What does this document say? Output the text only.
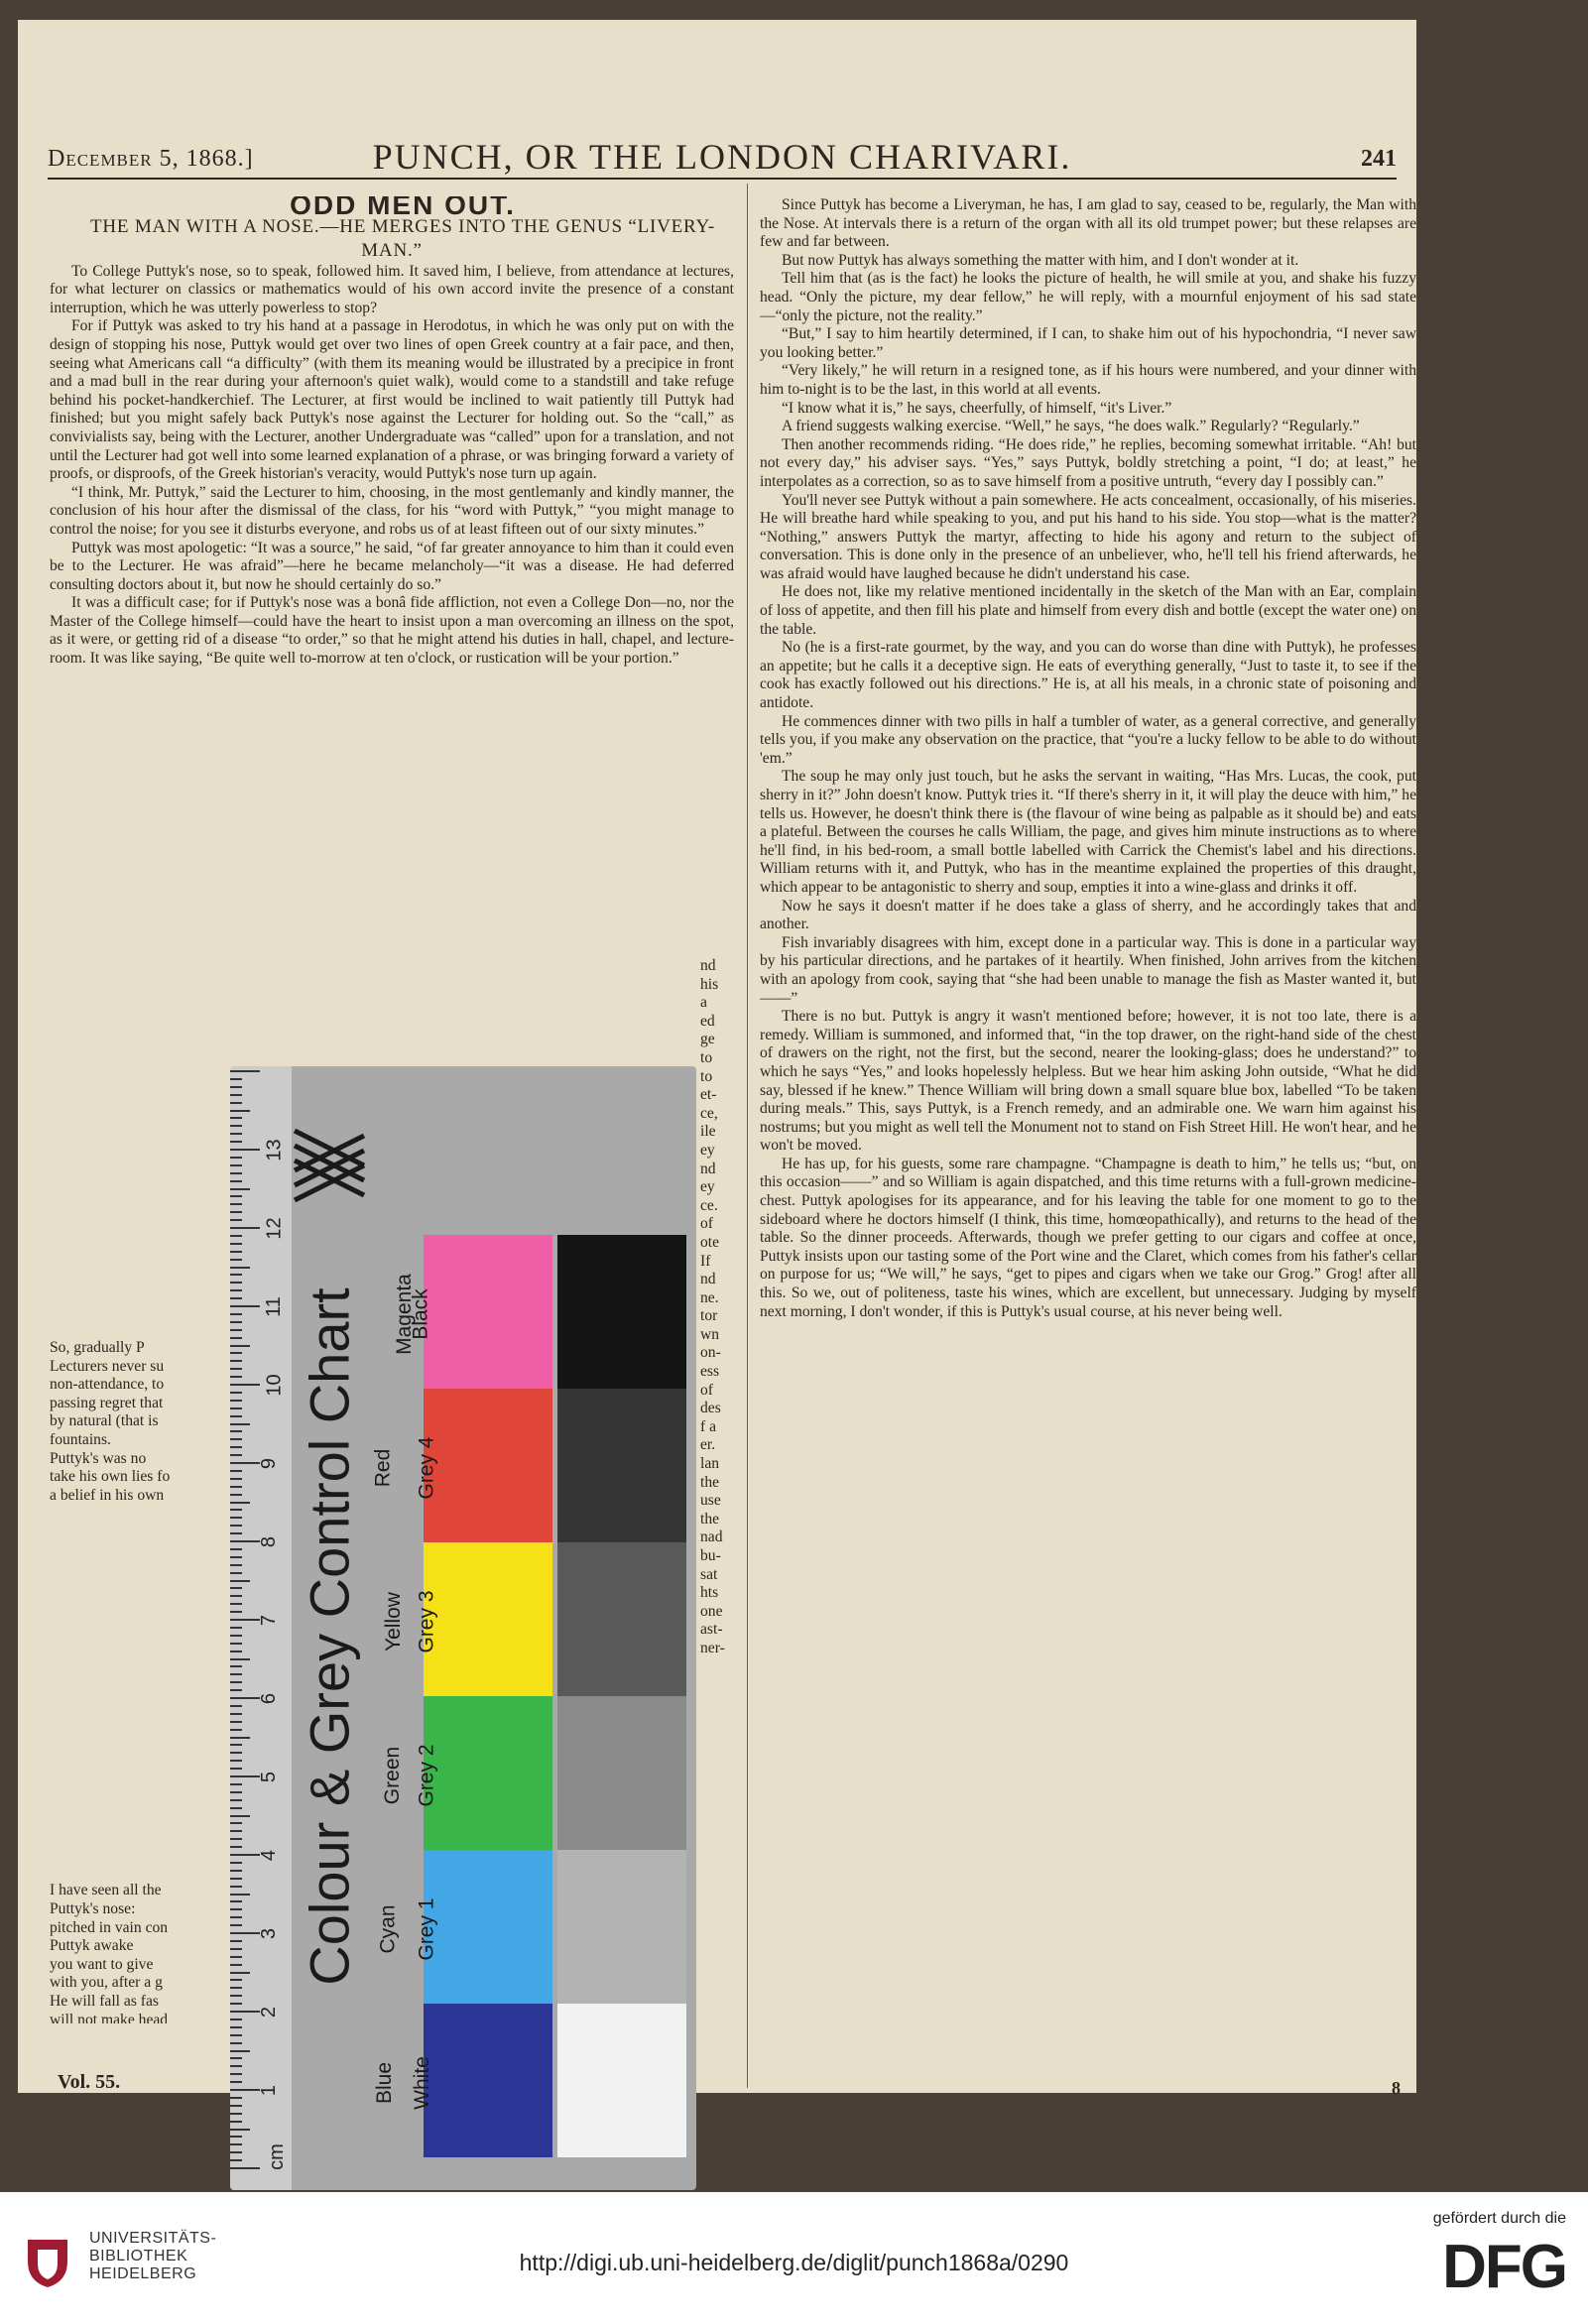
December 5, 1868.]	PUNCH, OR THE LONDON CHARIVARI.	241

ODD MEN OUT.

THE MAN WITH A NOSE.—HE MERGES INTO THE GENUS “LIVERY-MAN.”

To College Puttyk's nose, so to speak, followed him. It saved him, I believe, from attendance at lectures, for what lecturer on classics or mathematics would of his own accord invite the presence of a constant interruption, which he was utterly powerless to stop?

For if Puttyk was asked to try his hand at a passage in Herodotus, in which he was only put on with the design of stopping his nose, Puttyk would get over two lines of open Greek country at a fair pace, and then, seeing what Americans call “a difficulty” (with them its meaning would be illustrated by a precipice in front and a mad bull in the rear during your afternoon's quiet walk), would come to a standstill and take refuge behind his pocket-handkerchief. The Lecturer, at first would be inclined to wait patiently till Puttyk had finished; but you might safely back Puttyk's nose against the Lecturer for holding out. So the “call,” as convivialists say, being with the Lecturer, another Undergraduate was “called” upon for a translation, and not until the Lecturer had got well into some learned explanation of a phrase, or was bringing forward a variety of proofs, or disproofs, of the Greek historian's veracity, would Puttyk's nose turn up again.

“I think, Mr. Puttyk,” said the Lecturer to him, choosing, in the most gentlemanly and kindly manner, the conclusion of his hour after the dismissal of the class, for his “word with Puttyk,” “you might manage to control the noise; for you see it disturbs everyone, and robs us of at least fifteen out of our sixty minutes.”

Puttyk was most apologetic: “It was a source,” he said, “of far greater annoyance to him than it could even be to the Lecturer. He was afraid”—here he became melancholy—“it was a disease. He had deferred consulting doctors about it, but now he should certainly do so.”

It was a difficult case; for if Puttyk's nose was a bonâ fide affliction, not even a College Don—no, nor the Master of the College himself—could have the heart to insist upon a man overcoming an illness on the spot, as it were, or getting rid of a disease “to order,” so that he might attend his duties in hall, chapel, and lecture-room. It was like saying, “Be quite well to-morrow at ten o'clock, or rustication will be your portion.”

Since Puttyk has become a Liveryman, he has, I am glad to say, ceased to be, regularly, the Man with the Nose. At intervals there is a return of the organ with all its old trumpet power; but these relapses are few and far between.

But now Puttyk has always something the matter with him, and I don't wonder at it.

Tell him that (as is the fact) he looks the picture of health, he will smile at you, and shake his fuzzy head. “Only the picture, my dear fellow,” he will reply, with a mournful enjoyment of his sad state—“only the picture, not the reality.”

“But,” I say to him heartily determined, if I can, to shake him out of his hypochondria, “I never saw you looking better.”

“Very likely,” he will return in a resigned tone, as if his hours were numbered, and your dinner with him to-night is to be the last, in this world at all events.

“I know what it is,” he says, cheerfully, of himself, “it's Liver.”

A friend suggests walking exercise. “Well,” he says, “he does walk.” Regularly? “Regularly.”

Then another recommends riding. “He does ride,” he replies, becoming somewhat irritable. “Ah! but not every day,” his adviser says. “Yes,” says Puttyk, boldly stretching a point, “I do; at least,” he interpolates as a correction, so as to save himself from a positive untruth, “every day I possibly can.”

You'll never see Puttyk without a pain somewhere. He acts concealment, occasionally, of his miseries. He will breathe hard while speaking to you, and put his hand to his side. You stop—what is the matter? “Nothing,” answers Puttyk the martyr, affecting to hide his agony and return to the subject of conversation. This is done only in the presence of an unbeliever, who, he'll tell his friend afterwards, he was afraid would have laughed because he didn't understand his case.

He does not, like my relative mentioned incidentally in the sketch of the Man with an Ear, complain of loss of appetite, and then fill his plate and himself from every dish and bottle (except the water one) on the table.

No (he is a first-rate gourmet, by the way, and you can do worse than dine with Puttyk), he professes an appetite; but he calls it a deceptive sign. He eats of everything generally, “Just to taste it, to see if the cook has exactly followed out his directions.” He is, at all his meals, in a chronic state of poisoning and antidote.

He commences dinner with two pills in half a tumbler of water, as a general corrective, and generally tells you, if you make any observation on the practice, that “you're a lucky fellow to be able to do without 'em.”

The soup he may only just touch, but he asks the servant in waiting, “Has Mrs. Lucas, the cook, put sherry in it?” John doesn't know. Puttyk tries it. “If there's sherry in it, it will play the deuce with him,” he tells us. However, he doesn't think there is (the flavour of wine being as palpable as it should be) and eats a plateful. Between the courses he calls William, the page, and gives him minute instructions as to where he'll find, in his bed-room, a small bottle labelled with Carrick the Chemist's label and his directions. William returns with it, and Puttyk, who has in the meantime explained the properties of this draught, which appear to be antagonistic to sherry and soup, empties it into a wine-glass and drinks it off.

Now he says it doesn't matter if he does take a glass of sherry, and he accordingly takes that and another.

Fish invariably disagrees with him, except done in a particular way. This is done in a particular way by his particular directions, and he partakes of it heartily. When finished, John arrives from the kitchen with an apology from cook, saying that “she had been unable to manage the fish as Master wanted it, but——”

There is no but. Puttyk is angry it wasn't mentioned before; however, it is not too late, there is a remedy. William is summoned, and informed that, “in the top drawer, on the right-hand side of the chest of drawers on the right, not the first, but the second, nearer the looking-glass; does he understand?” to which he says “Yes,” and looks hopelessly helpless. But we hear him asking John outside, “What he did say, blessed if he knew.” Thence William will bring down a small square blue box, labelled “To be taken during meals.” This, says Puttyk, is a French remedy, and an admirable one. We warn him against his nostrums; but you might as well tell the Monument not to stand on Fish Street Hill. He won't hear, and he won't be moved.

He has up, for his guests, some rare champagne. “Champagne is death to him,” he tells us; “but, on this occasion——” and so William is again dispatched, and this time returns with a full-grown medicine-chest. Puttyk apologises for its appearance, and for his leaving the table for one moment to go to the sideboard where he doctors himself (I think, this time, homœopathically), and returns to the head of the table. So the dinner proceeds. Afterwards, though we prefer getting to our cigars and coffee at once, Puttyk insists upon our tasting some of the Port wine and the Claret, which comes from his father's cellar on purpose for us; “We will,” he says, “get to pipes and cigars when we take our Grog.” Grog! after all this. So we, out of politeness, taste his wines, which are excellent, but unnecessary. Judging by myself next morning, I don't wonder, if this is Puttyk's usual course, at his never being well.

So, gradually P
Lecturers never su
non-attendance, to
passing regret that
by natural (that is
fountains.
Puttyk's was no
take his own lies fo
a belief in his own
I have seen all the
Puttyk's nose:
pitched in vain con
Puttyk awake
you want to give
with you, after a g
He will fall as fas
will not make head
nd
his
a
ed
ge
to
to
et-
ce,
ile
ey
nd
ey
ce.
of
ote
If
nd
ne.
tor
wn
on-
ess
of
des
f a
er.
lan
the
use
the
nad
bu-
sat
hts
one
ast-
ner-
Vol. 55.	8
13
12
11
10
9
8
7
6
5
4
3
2
1
cm
Colour & Grey Control Chart Magenta
Red
Yellow
Green
Cyan
Blue
Black
Grey 4
Grey 3
Grey 2
Grey 1
White
UNIVERSITÄTS-
BIBLIOTHEK
HEIDELBERG	http://digi.ub.uni-heidelberg.de/diglit/punch1868a/0290
gefördert durch die
DFG
